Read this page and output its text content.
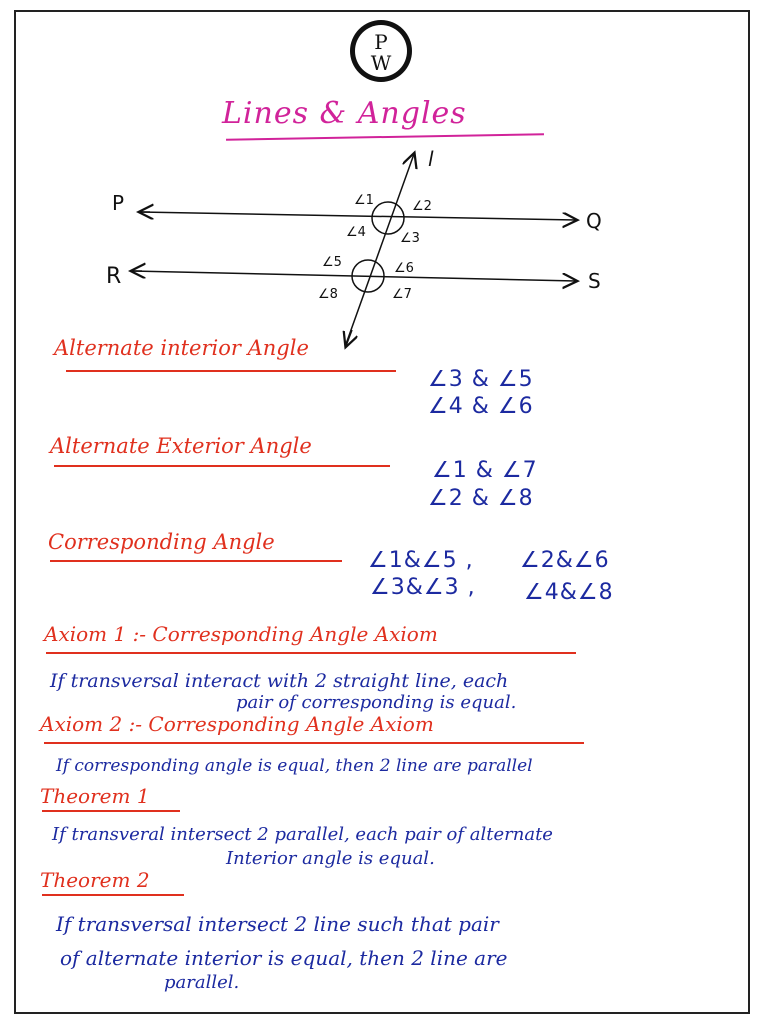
P
W
Lines & Angles
P
Q
R	S
l
∠1	∠2
∠3
∠4
∠5	∠6
∠8	∠7
Alternate interior Angle
∠3 & ∠5
∠4 & ∠6
Alternate Exterior Angle
∠1 & ∠7
∠2 & ∠8
Corresponding Angle
∠1&∠5 , ∠2&∠6
∠3&∠3 , ∠4&∠8
Axiom 1 :- Corresponding Angle Axiom
If transversal interact with 2 straight line, each
pair of corresponding is equal.
Axiom 2 :- Corresponding Angle Axiom
If corresponding angle is equal, then 2 line are parallel
Theorem 1
If transveral intersect 2 parallel, each pair of alternate
Interior angle is equal.
Theorem 2
If transversal intersect 2 line such that pair
of alternate interior is equal, then 2 line are
parallel.
